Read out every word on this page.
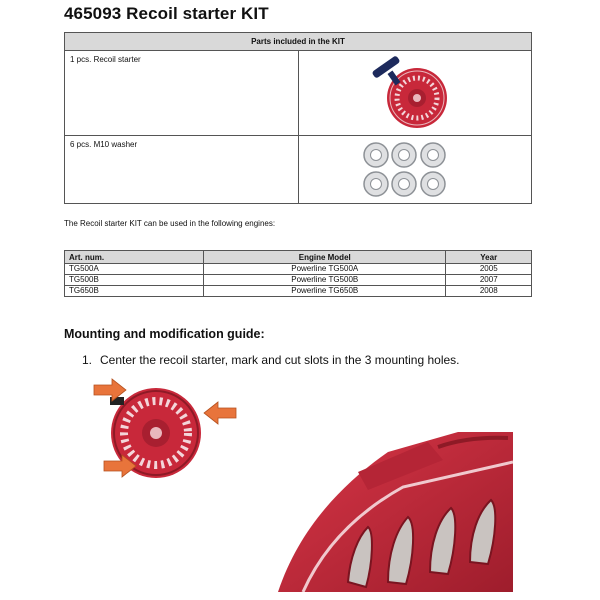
465093 Recoil starter KIT
Parts included in the KIT
1 pcs. Recoil starter
6 pcs. M10 washer
The Recoil starter KIT can be used in the following engines:
Art. num.	Engine Model	Year
TG500A	Powerline TG500A	2005
TG500B	Powerline TG500B	2007
TG650B	Powerline TG650B	2008
Mounting and modification guide:
1. Center the recoil starter, mark and cut slots in the 3 mounting holes.
